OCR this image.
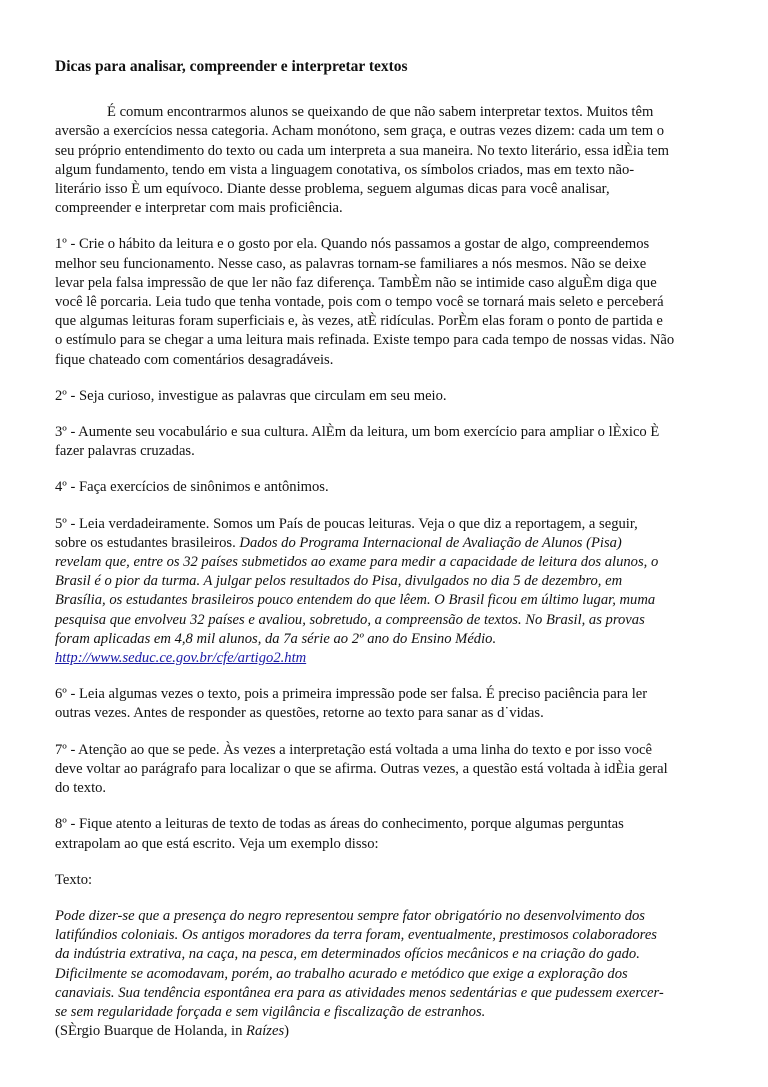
Dicas para analisar, compreender e interpretar textos
É comum encontrarmos alunos se queixando de que não sabem interpretar textos. Muitos têm
aversão a exercícios nessa categoria. Acham monótono, sem graça, e outras vezes dizem: cada um tem o
seu próprio entendimento do texto ou cada um interpreta a sua maneira. No texto literário, essa idÈia tem
algum fundamento, tendo em vista a linguagem conotativa, os símbolos criados, mas em texto não-
literário isso È um equívoco. Diante desse problema, seguem algumas dicas para você analisar,
compreender e interpretar com mais proficiência.
1º - Crie o hábito da leitura e o gosto por ela. Quando nós passamos a gostar de algo, compreendemos
melhor seu funcionamento. Nesse caso, as palavras tornam-se familiares a nós mesmos. Não se deixe
levar pela falsa impressão de que ler não faz diferença. TambÈm não se intimide caso alguÈm diga que
você lê porcaria. Leia tudo que tenha vontade, pois com o tempo você se tornará mais seleto e perceberá
que algumas leituras foram superficiais e, às vezes, atÈ ridículas. PorÈm elas foram o ponto de partida e
o estímulo para se chegar a uma leitura mais refinada. Existe tempo para cada tempo de nossas vidas. Não
fique chateado com comentários desagradáveis.
2º - Seja curioso, investigue as palavras que circulam em seu meio.
3º - Aumente seu vocabulário e sua cultura. AlÈm da leitura, um bom exercício para ampliar o lÈxico È
fazer palavras cruzadas.
4º - Faça exercícios de sinônimos e antônimos.
5º - Leia verdadeiramente. Somos um País de poucas leituras. Veja o que diz a reportagem, a seguir,
sobre os estudantes brasileiros. Dados do Programa Internacional de Avaliação de Alunos (Pisa)
revelam que, entre os 32 países submetidos ao exame para medir a capacidade de leitura dos alunos, o
Brasil é o pior da turma. A julgar pelos resultados do Pisa, divulgados no dia 5 de dezembro, em
Brasília, os estudantes brasileiros pouco entendem do que lêem. O Brasil ficou em último lugar, muma
pesquisa que envolveu 32 países e avaliou, sobretudo, a compreensão de textos. No Brasil, as provas
foram aplicadas em 4,8 mil alunos, da 7a série ao 2º ano do Ensino Médio.
http://www.seduc.ce.gov.br/cfe/artigo2.htm
6º - Leia algumas vezes o texto, pois a primeira impressão pode ser falsa. É preciso paciência para ler
outras vezes. Antes de responder as questões, retorne ao texto para sanar as d˙vidas.
7º - Atenção ao que se pede. Às vezes a interpretação está voltada a uma linha do texto e por isso você
deve voltar ao parágrafo para localizar o que se afirma. Outras vezes, a questão está voltada à idÈia geral
do texto.
8º - Fique atento a leituras de texto de todas as áreas do conhecimento, porque algumas perguntas
extrapolam ao que está escrito. Veja um exemplo disso:
Texto:
Pode dizer-se que a presença do negro representou sempre fator obrigatório no desenvolvimento dos
latifúndios coloniais. Os antigos moradores da terra foram, eventualmente, prestimosos colaboradores
da indústria extrativa, na caça, na pesca, em determinados ofícios mecânicos e na criação do gado.
Dificilmente se acomodavam, porém, ao trabalho acurado e metódico que exige a exploração dos
canaviais. Sua tendência espontânea era para as atividades menos sedentárias e que pudessem exercer-
se sem regularidade forçada e sem vigilância e fiscalização de estranhos.
(SÈrgio Buarque de Holanda, in Raízes)
